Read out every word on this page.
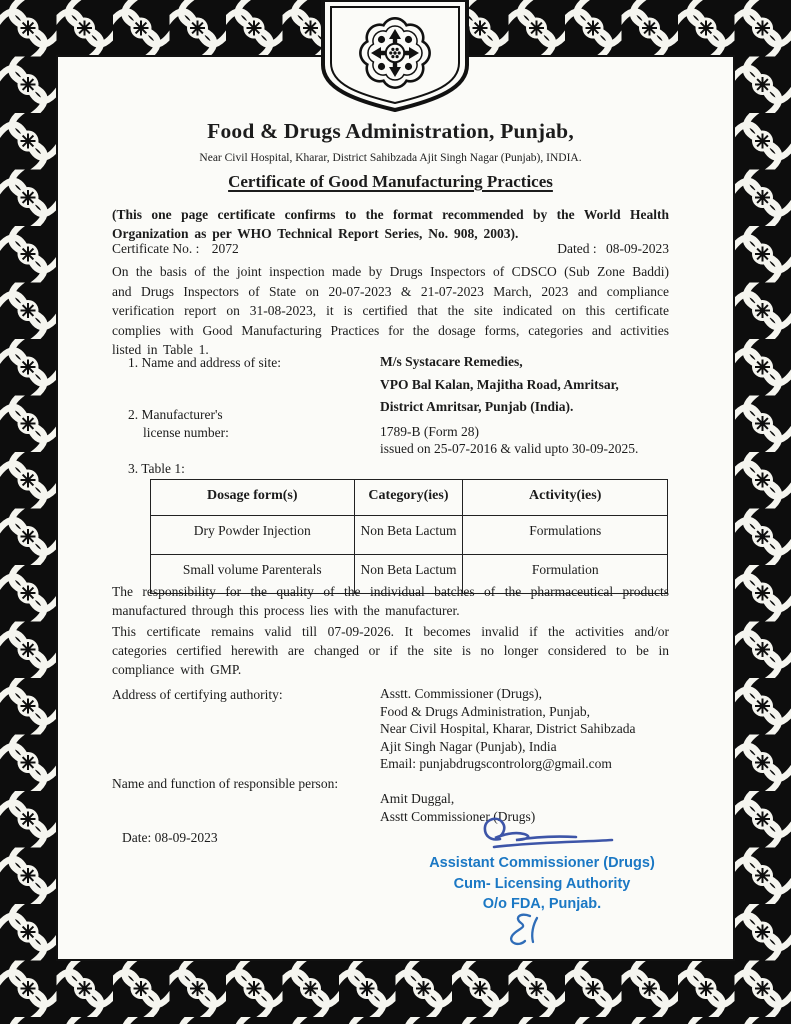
Food & Drugs Administration, Punjab,
Near Civil Hospital, Kharar, District Sahibzada Ajit Singh Nagar (Punjab), INDIA.
Certificate of Good Manufacturing Practices
(This one page certificate confirms to the format recommended by the World Health Organization as per WHO Technical Report Series, No. 908, 2003).
Certificate No. : 2072	Dated : 08-09-2023
On the basis of the joint inspection made by Drugs Inspectors of CDSCO (Sub Zone Baddi) and Drugs Inspectors of State on 20-07-2023 & 21-07-2023 March, 2023 and compliance verification report on 31-08-2023, it is certified that the site indicated on this certificate complies with Good Manufacturing Practices for the dosage forms, categories and activities listed in Table 1.
1. Name and address of site:	M/s Systacare Remedies,
VPO Bal Kalan, Majitha Road, Amritsar,
District Amritsar, Punjab (India).
2. Manufacturer's
license number:	1789-B (Form 28)
issued on 25-07-2016 & valid upto 30-09-2025.
3. Table 1:
Dosage form(s)	Category(ies)	Activity(ies)
Dry Powder Injection	Non Beta Lactum	Formulations
Small volume Parenterals	Non Beta Lactum	Formulation
The responsibility for the quality of the individual batches of the pharmaceutical products manufactured through this process lies with the manufacturer.
This certificate remains valid till 07-09-2026. It becomes invalid if the activities and/or categories certified herewith are changed or if the site is no longer considered to be in compliance with GMP.
Address of certifying authority:	Asstt. Commissioner (Drugs),
Food & Drugs Administration, Punjab,
Near Civil Hospital, Kharar, District Sahibzada
Ajit Singh Nagar (Punjab), India
Email: punjabdrugscontrolorg@gmail.com
Name and function of responsible person:
Amit Duggal,
Asstt Commissioner (Drugs)
Date: 08-09-2023
Assistant Commissioner (Drugs)
Cum- Licensing Authority
O/o FDA, Punjab.
